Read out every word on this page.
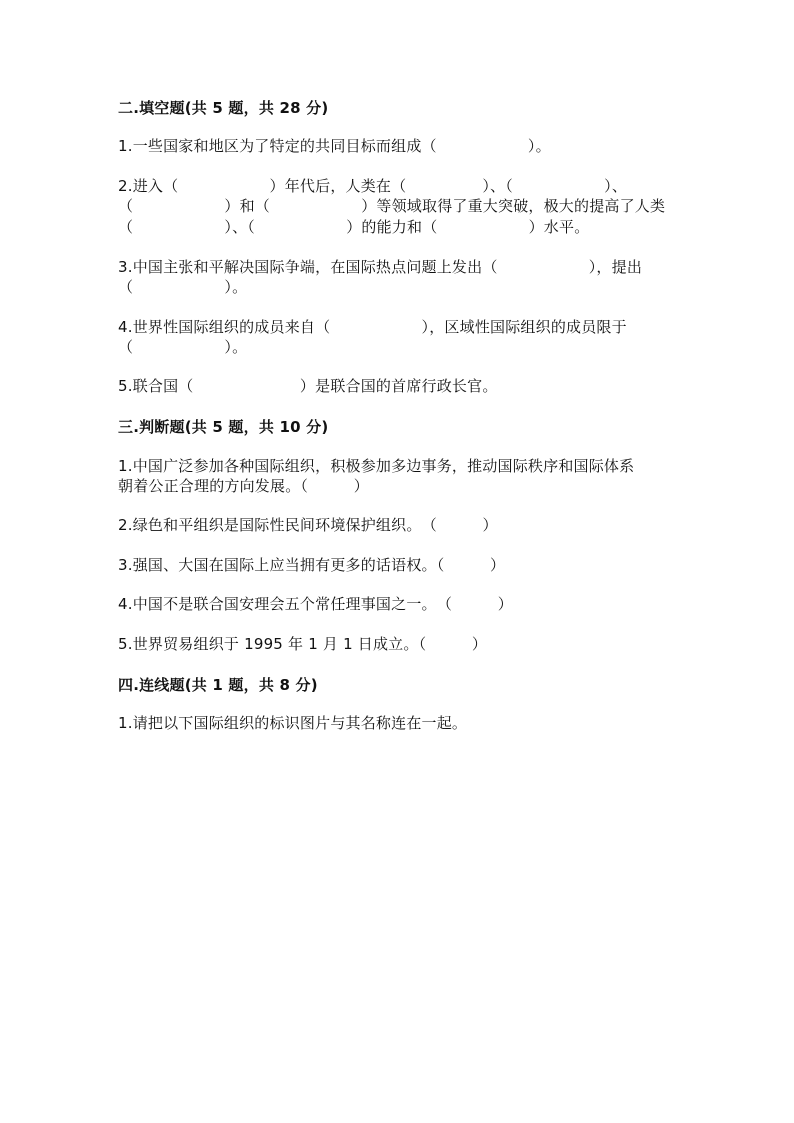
二.填空题(共 5 题，共 28 分)
1.一些国家和地区为了特定的共同目标而组成（　　　　　　）。
2.进入（　　　　　　）年代后，人类在（　　　　　）、（　　　　　　）、
（　　　　　　）和（　　　　　　）等领域取得了重大突破，极大的提高了人类
（　　　　　　）、（　　　　　　）的能力和（　　　　　　）水平。
3.中国主张和平解决国际争端，在国际热点问题上发出（　　　　　　），提出
（　　　　　　）。
4.世界性国际组织的成员来自（　　　　　　），区域性国际组织的成员限于
（　　　　　　）。
5.联合国（　　　　　　　）是联合国的首席行政长官。
三.判断题(共 5 题，共 10 分)
1.中国广泛参加各种国际组织，积极参加多边事务，推动国际秩序和国际体系
朝着公正合理的方向发展。（　　　）
2.绿色和平组织是国际性民间环境保护组织。　（　　　）
3.强国、大国在国际上应当拥有更多的话语权。（　　　）
4.中国不是联合国安理会五个常任理事国之一。　（　　　）
5.世界贸易组织于 1995 年 1 月 1 日成立。（　　　）
四.连线题(共 1 题，共 8 分)
1.请把以下国际组织的标识图片与其名称连在一起。
